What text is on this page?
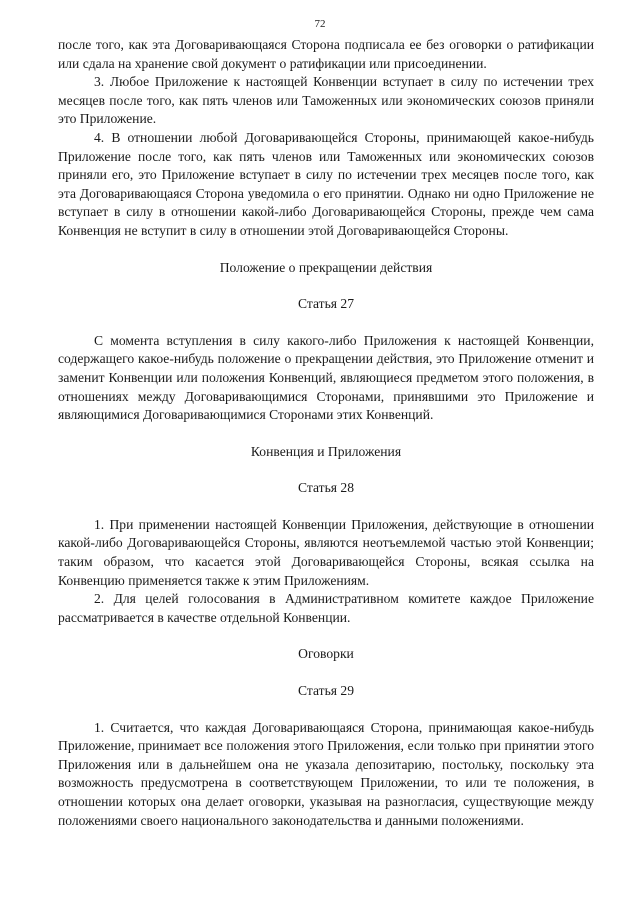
72

после того, как эта Договаривающаяся Сторона подписала ее без оговорки о ратификации или сдала на хранение свой документ о ратификации или присоединении.

3. Любое Приложение к настоящей Конвенции вступает в силу по истечении трех месяцев после того, как пять членов или Таможенных или экономических союзов приняли это Приложение.

4. В отношении любой Договаривающейся Стороны, принимающей какое-нибудь Приложение после того, как пять членов или Таможенных или экономических союзов приняли его, это Приложение вступает в силу по истечении трех месяцев после того, как эта Договаривающаяся Сторона уведомила о его принятии. Однако ни одно Приложение не вступает в силу в отношении какой-либо Договаривающейся Стороны, прежде чем сама Конвенция не вступит в силу в отношении этой Договаривающейся Стороны.

Положение о прекращении действия

Статья 27

С момента вступления в силу какого-либо Приложения к настоящей Конвенции, содержащего какое-нибудь положение о прекращении действия, это Приложение отменит и заменит Конвенции или положения Конвенций, являющиеся предметом этого положения, в отношениях между Договаривающимися Сторонами, принявшими это Приложение и являющимися Договаривающимися Сторонами этих Конвенций.

Конвенция и Приложения

Статья 28

1. При применении настоящей Конвенции Приложения, действующие в отношении какой-либо Договаривающейся Стороны, являются неотъемлемой частью этой Конвенции; таким образом, что касается этой Договаривающейся Стороны, всякая ссылка на Конвенцию применяется также к этим Приложениям.

2. Для целей голосования в Административном комитете каждое Приложение рассматривается в качестве отдельной Конвенции.

Оговорки

Статья 29

1. Считается, что каждая Договаривающаяся Сторона, принимающая какое-нибудь Приложение, принимает все положения этого Приложения, если только при принятии этого Приложения или в дальнейшем она не указала депозитарию, постольку, поскольку эта возможность предусмотрена в соответствующем Приложении, то или те положения, в отношении которых она делает оговорки, указывая на разногласия, существующие между положениями своего национального законодательства и данными положениями.
